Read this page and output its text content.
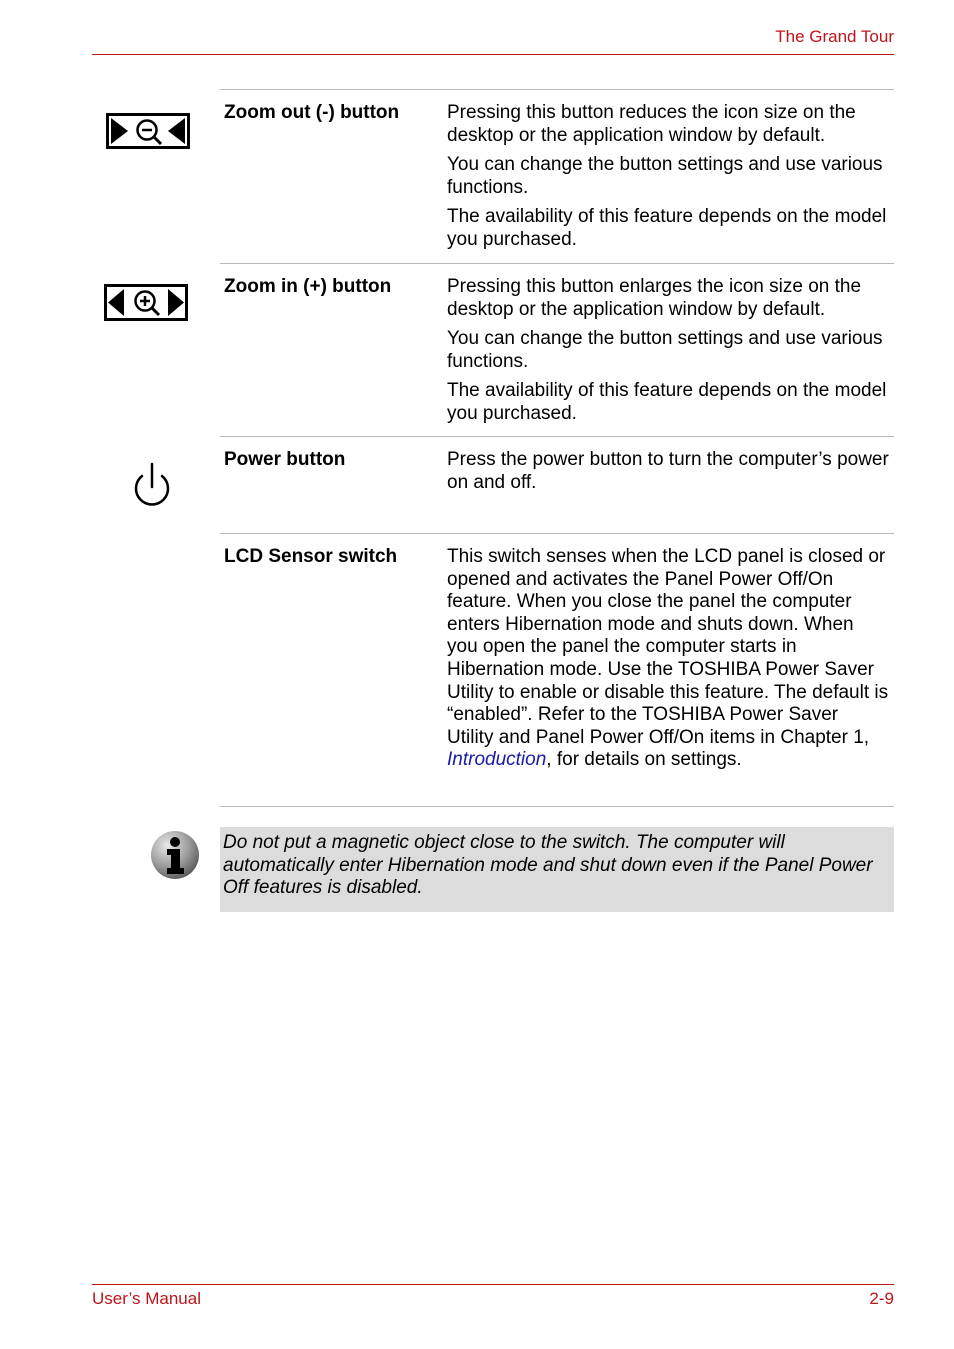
The Grand Tour
Zoom out (-) button	Pressing this button reduces the icon size on the desktop or the application window by default.

You can change the button settings and use various functions.

The availability of this feature depends on the model you purchased.

Zoom in (+) button	Pressing this button enlarges the icon size on the desktop or the application window by default.

You can change the button settings and use various functions.

The availability of this feature depends on the model you purchased.

Power button	Press the power button to turn the computer’s power on and off.

LCD Sensor switch	This switch senses when the LCD panel is closed or opened and activates the Panel Power Off/On feature. When you close the panel the computer enters Hibernation mode and shuts down. When you open the panel the computer starts in Hibernation mode. Use the TOSHIBA Power Saver Utility to enable or disable this feature. The default is “enabled”. Refer to the TOSHIBA Power Saver Utility and Panel Power Off/On items in Chapter 1, Introduction, for details on settings.

Do not put a magnetic object close to the switch. The computer will automatically enter Hibernation mode and shut down even if the Panel Power Off features is disabled.
User’s Manual	2-9
